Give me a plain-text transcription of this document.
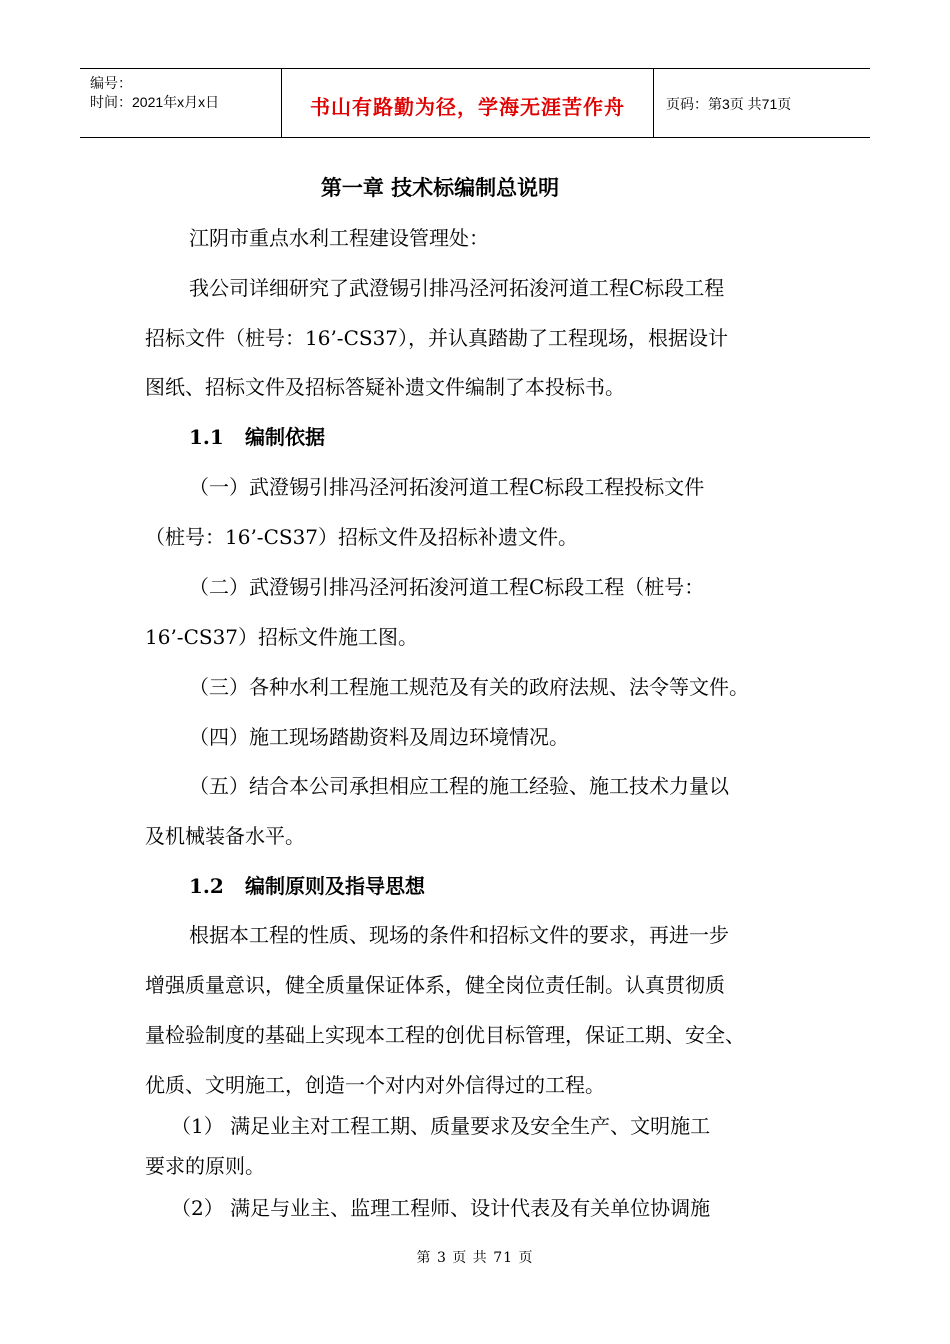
编号：
时间：2021年x月x日	书山有路勤为径，学海无涯苦作舟	页码：第3页 共71页
第一章 技术标编制总说明
江阴市重点水利工程建设管理处：
我公司详细研究了武澄锡引排冯泾河拓浚河道工程C标段工程
招标文件（桩号：16’-CS37），并认真踏勘了工程现场，根据设计
图纸、招标文件及招标答疑补遗文件编制了本投标书。
1.1 编制依据
（一）武澄锡引排冯泾河拓浚河道工程C标段工程投标文件
（桩号：16’-CS37）招标文件及招标补遗文件。
（二）武澄锡引排冯泾河拓浚河道工程C标段工程（桩号：
16’-CS37）招标文件施工图。
（三）各种水利工程施工规范及有关的政府法规、法令等文件。
（四）施工现场踏勘资料及周边环境情况。
（五）结合本公司承担相应工程的施工经验、施工技术力量以
及机械装备水平。
1.2 编制原则及指导思想
根据本工程的性质、现场的条件和招标文件的要求，再进一步
增强质量意识，健全质量保证体系，健全岗位责任制。认真贯彻质
量检验制度的基础上实现本工程的创优目标管理，保证工期、安全、
优质、文明施工，创造一个对内对外信得过的工程。
（1） 满足业主对工程工期、质量要求及安全生产、文明施工
要求的原则。
（2） 满足与业主、监理工程师、设计代表及有关单位协调施
第 3 页 共 71 页
